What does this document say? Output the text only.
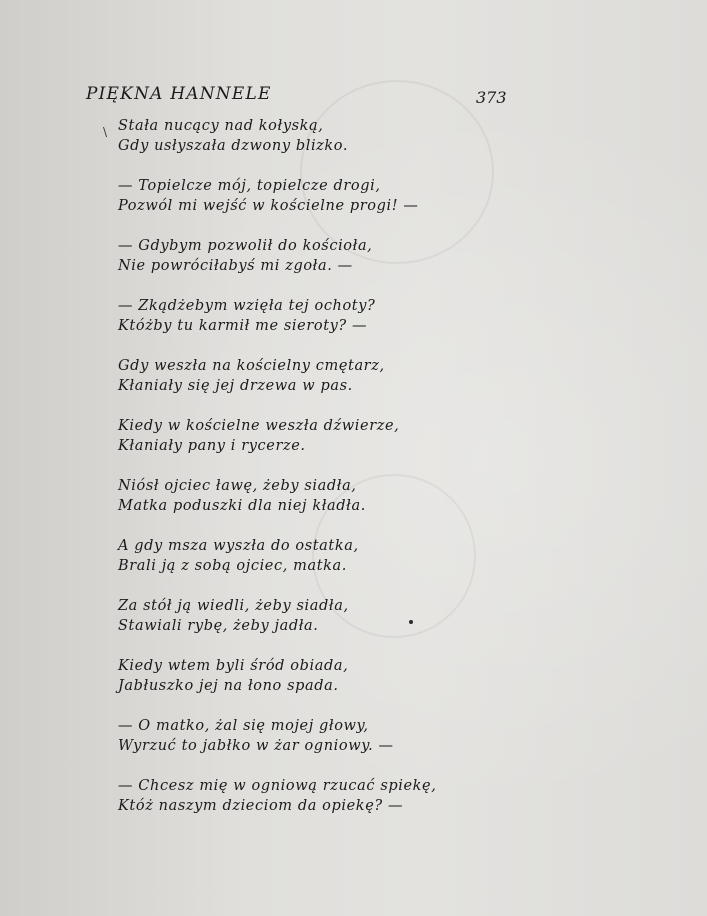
PIĘKNA HANNELE	373
\ Stała nucący nad kołyską,
Gdy usłyszała dzwony blizko.
— Topielcze mój, topielcze drogi,
Pozwól mi wejść w kościelne progi! —
— Gdybym pozwolił do kościoła,
Nie powróciłabyś mi zgoła. —
— Zkądżebym wzięła tej ochoty?
Któżby tu karmił me sieroty? —
Gdy weszła na kościelny cmętarz,
Kłaniały się jej drzewa w pas.
Kiedy w kościelne weszła dźwierze,
Kłaniały pany i rycerze.
Niósł ojciec ławę, żeby siadła,
Matka poduszki dla niej kładła.
A gdy msza wyszła do ostatka,
Brali ją z sobą ojciec, matka.
Za stół ją wiedli, żeby siadła,
Stawiali rybę, żeby jadła.
Kiedy wtem byli śród obiada,
Jabłuszko jej na łono spada.
— O matko, żal się mojej głowy,
Wyrzuć to jabłko w żar ogniowy. —
— Chcesz mię w ogniową rzucać spiekę,
Któż naszym dzieciom da opiekę? —
